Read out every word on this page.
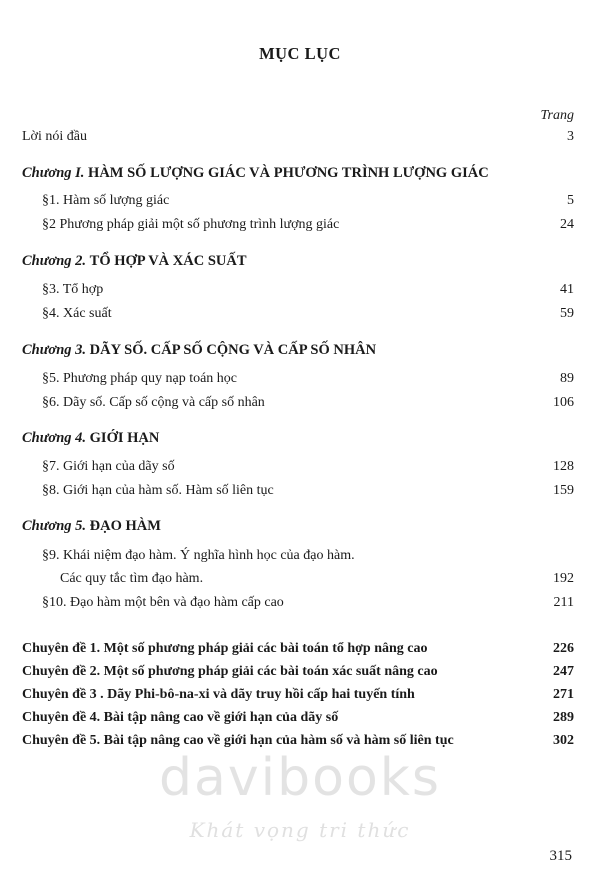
MỤC LỤC
Trang
Lời nói đầu	3
Chương I. HÀM SỐ LƯỢNG GIÁC VÀ PHƯƠNG TRÌNH LƯỢNG GIÁC
§1. Hàm số lượng giác	5
§2 Phương pháp giải một số phương trình lượng giác	24
Chương 2. TỔ HỢP VÀ XÁC SUẤT
§3. Tổ hợp	41
§4. Xác suất	59
Chương 3. DÃY SỐ. CẤP SỐ CỘNG VÀ CẤP SỐ NHÂN
§5. Phương pháp quy nạp toán học	89
§6. Dãy số. Cấp số cộng và cấp số nhân	106
Chương 4. GIỚI HẠN
§7. Giới hạn của dãy số	128
§8. Giới hạn của hàm số. Hàm số liên tục	159
Chương 5. ĐẠO HÀM
§9. Khái niệm đạo hàm. Ý nghĩa hình học của đạo hàm.
Các quy tắc tìm đạo hàm.	192
§10. Đạo hàm một bên và đạo hàm cấp cao	211
Chuyên đề 1. Một số phương pháp giải các bài toán tổ hợp nâng cao	226
Chuyên đề 2. Một số phương pháp giải các bài toán xác suất nâng cao	247
Chuyên đề 3 . Dãy Phi-bô-na-xi và dãy truy hồi cấp hai tuyến tính	271
Chuyên đề 4. Bài tập nâng cao về giới hạn của dãy số	289
Chuyên đề 5. Bài tập nâng cao về giới hạn của hàm số và hàm số liên tục	302
davibooks
Khát vọng tri thức
315
